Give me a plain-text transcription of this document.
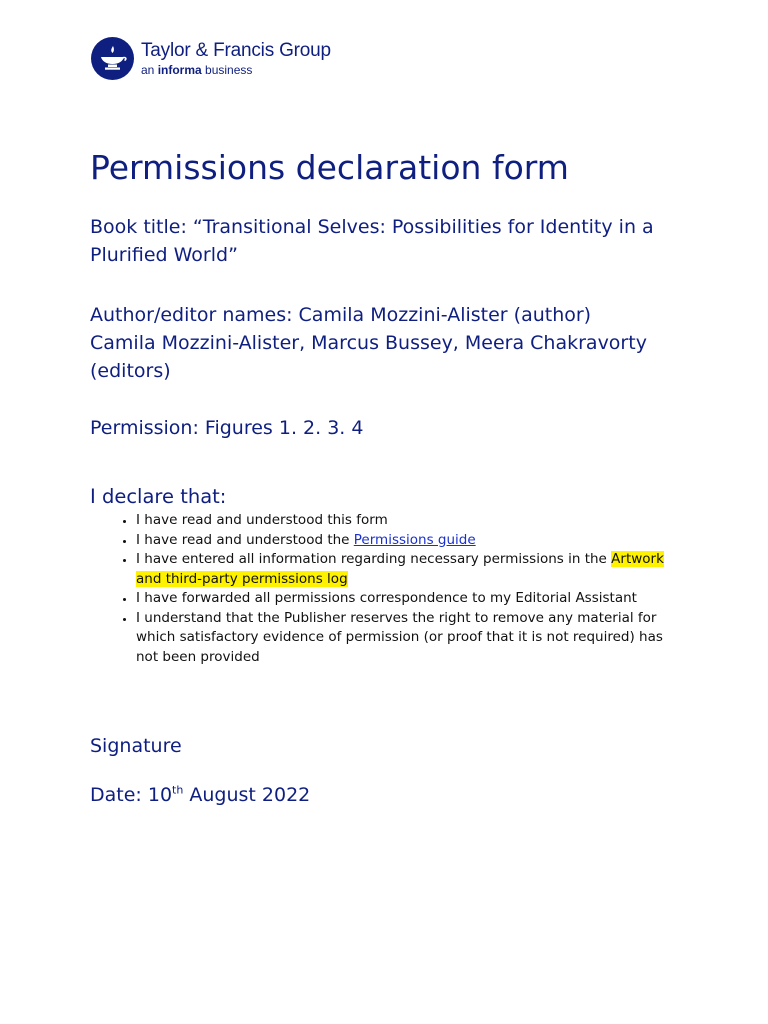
Taylor & Francis Group
an informa business
Permissions declaration form

Book title: “Transitional Selves: Possibilities for Identity in a Plurified World”

Author/editor names: Camila Mozzini-Alister (author)
Camila Mozzini-Alister, Marcus Bussey, Meera Chakravorty (editors)

Permission: Figures 1. 2. 3. 4

I declare that:

• I have read and understood this form
• I have read and understood the Permissions guide
• I have entered all information regarding necessary permissions in the Artwork and third-party permissions log
• I have forwarded all permissions correspondence to my Editorial Assistant
• I understand that the Publisher reserves the right to remove any material for which satisfactory evidence of permission (or proof that it is not required) has not been provided

Signature

Date: 10th August 2022
